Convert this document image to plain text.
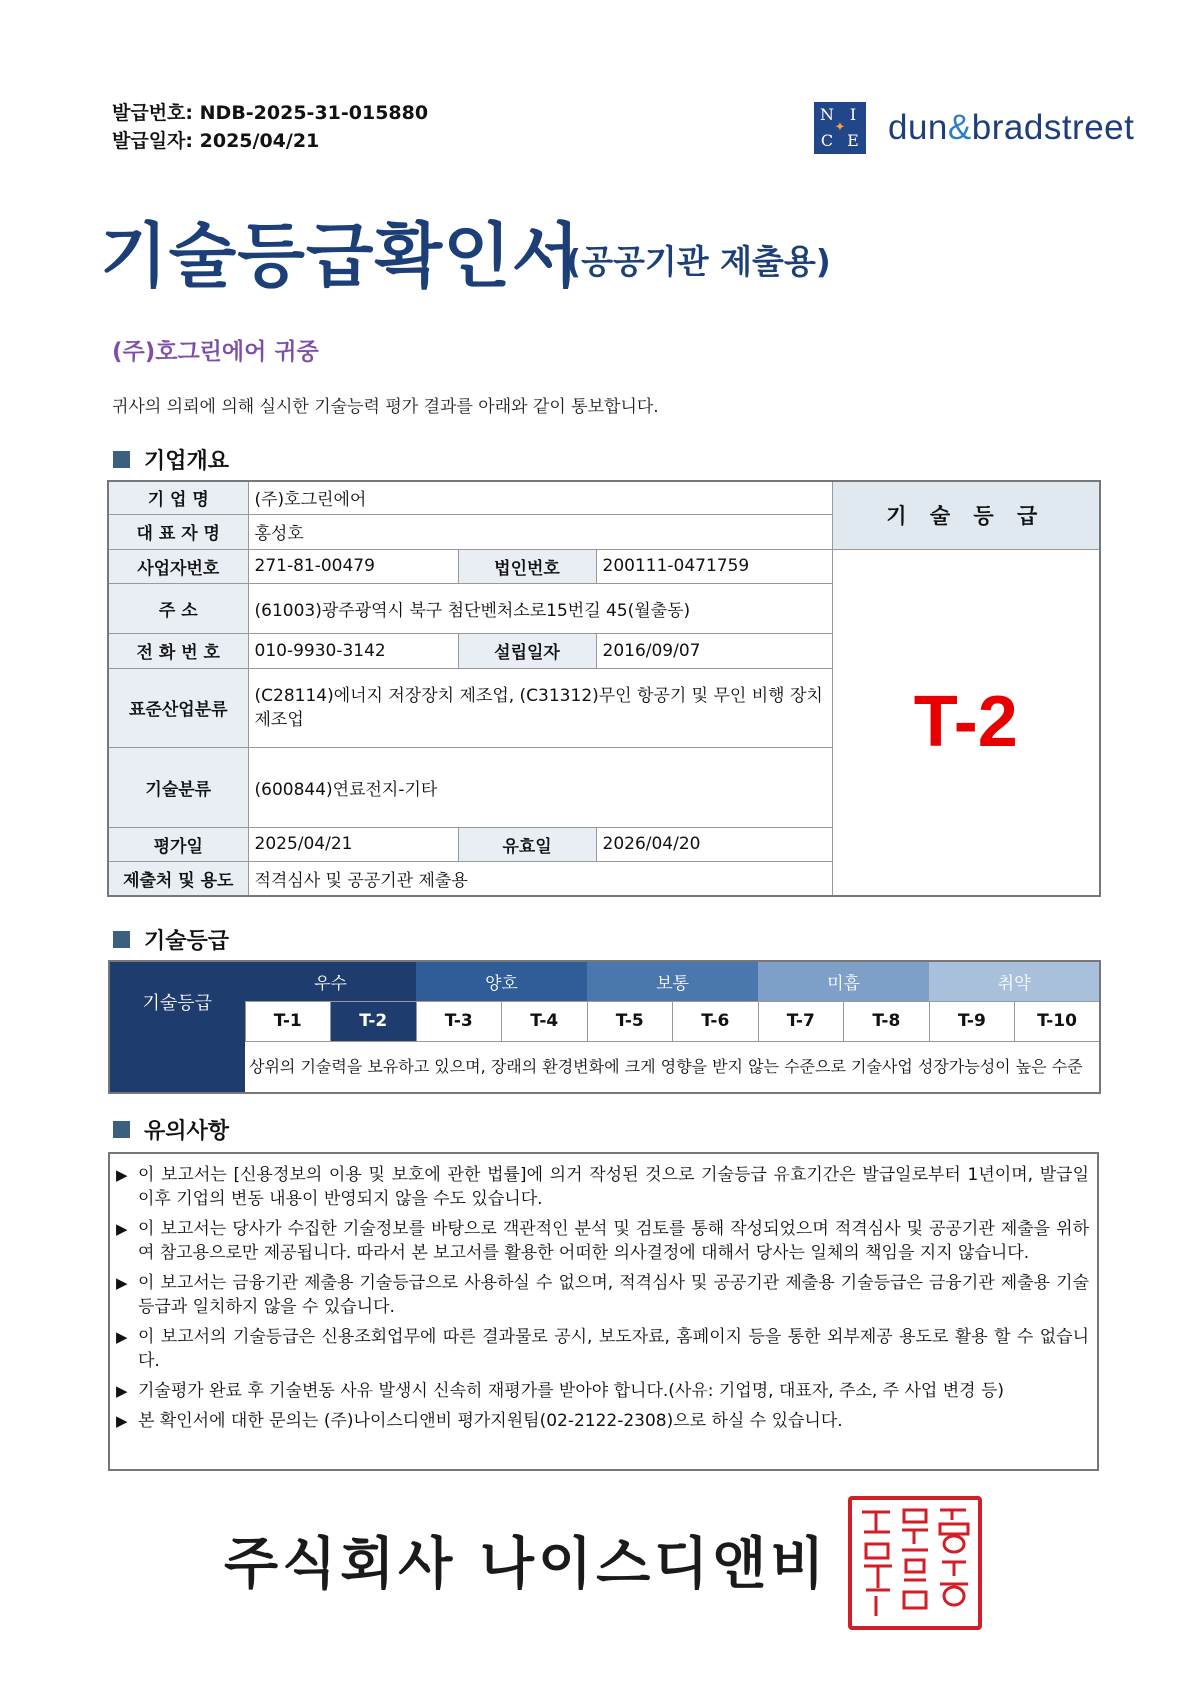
발급번호: NDB-2025-31-015880
발급일자: 2025/04/21
N I
C E
✦ dun&bradstreet
기술등급확인서
(공공기관 제출용)
(주)호그린에어 귀중
귀사의 의뢰에 의해 실시한 기술능력 평가 결과를 아래와 같이 통보합니다.
기업개요
기 업 명	(주)호그린에어			기 술 등 급
대 표 자 명	홍성호			
사업자번호	271-81-00479	법인번호	200111-0471759	T-2
주 소	(61003)광주광역시 북구 첨단벤처소로15번길 45(월출동)			
전 화 번 호	010-9930-3142	설립일자	2016/09/07	
표준산업분류	(C28114)에너지 저장장치 제조업, (C31312)무인 항공기 및 무인 비행 장치 제조업			
기술분류	(600844)연료전지-기타			
평가일	2025/04/21	유효일	2026/04/20	
제출처 및 용도	적격심사 및 공공기관 제출용			
기술등급
기술등급	우수		양호		보통		미흡		취약	
	T-1	T-2	T-3	T-4	T-5	T-6	T-7	T-8	T-9	T-10
	상위의 기술력을 보유하고 있으며, 장래의 환경변화에 크게 영향을 받지 않는 수준으로 기술사업 성장가능성이 높은 수준									
유의사항
▶ 이 보고서는 [신용정보의 이용 및 보호에 관한 법률]에 의거 작성된 것으로 기술등급 유효기간은 발급일로부터 1년이며, 발급일 이후 기업의 변동 내용이 반영되지 않을 수도 있습니다.
▶ 이 보고서는 당사가 수집한 기술정보를 바탕으로 객관적인 분석 및 검토를 통해 작성되었으며 적격심사 및 공공기관 제출을 위하여 참고용으로만 제공됩니다. 따라서 본 보고서를 활용한 어떠한 의사결정에 대해서 당사는 일체의 책임을 지지 않습니다.
▶ 이 보고서는 금융기관 제출용 기술등급으로 사용하실 수 없으며, 적격심사 및 공공기관 제출용 기술등급은 금융기관 제출용 기술등급과 일치하지 않을 수 있습니다.
▶ 이 보고서의 기술등급은 신용조회업무에 따른 결과물로 공시, 보도자료, 홈페이지 등을 통한 외부제공 용도로 활용 할 수 없습니다.
▶ 기술평가 완료 후 기술변동 사유 발생시 신속히 재평가를 받아야 합니다.(사유: 기업명, 대표자, 주소, 주 사업 변경 등)
▶ 본 확인서에 대한 문의는 (주)나이스디앤비 평가지원팀(02-2122-2308)으로 하실 수 있습니다.
주식회사 나이스디앤비
